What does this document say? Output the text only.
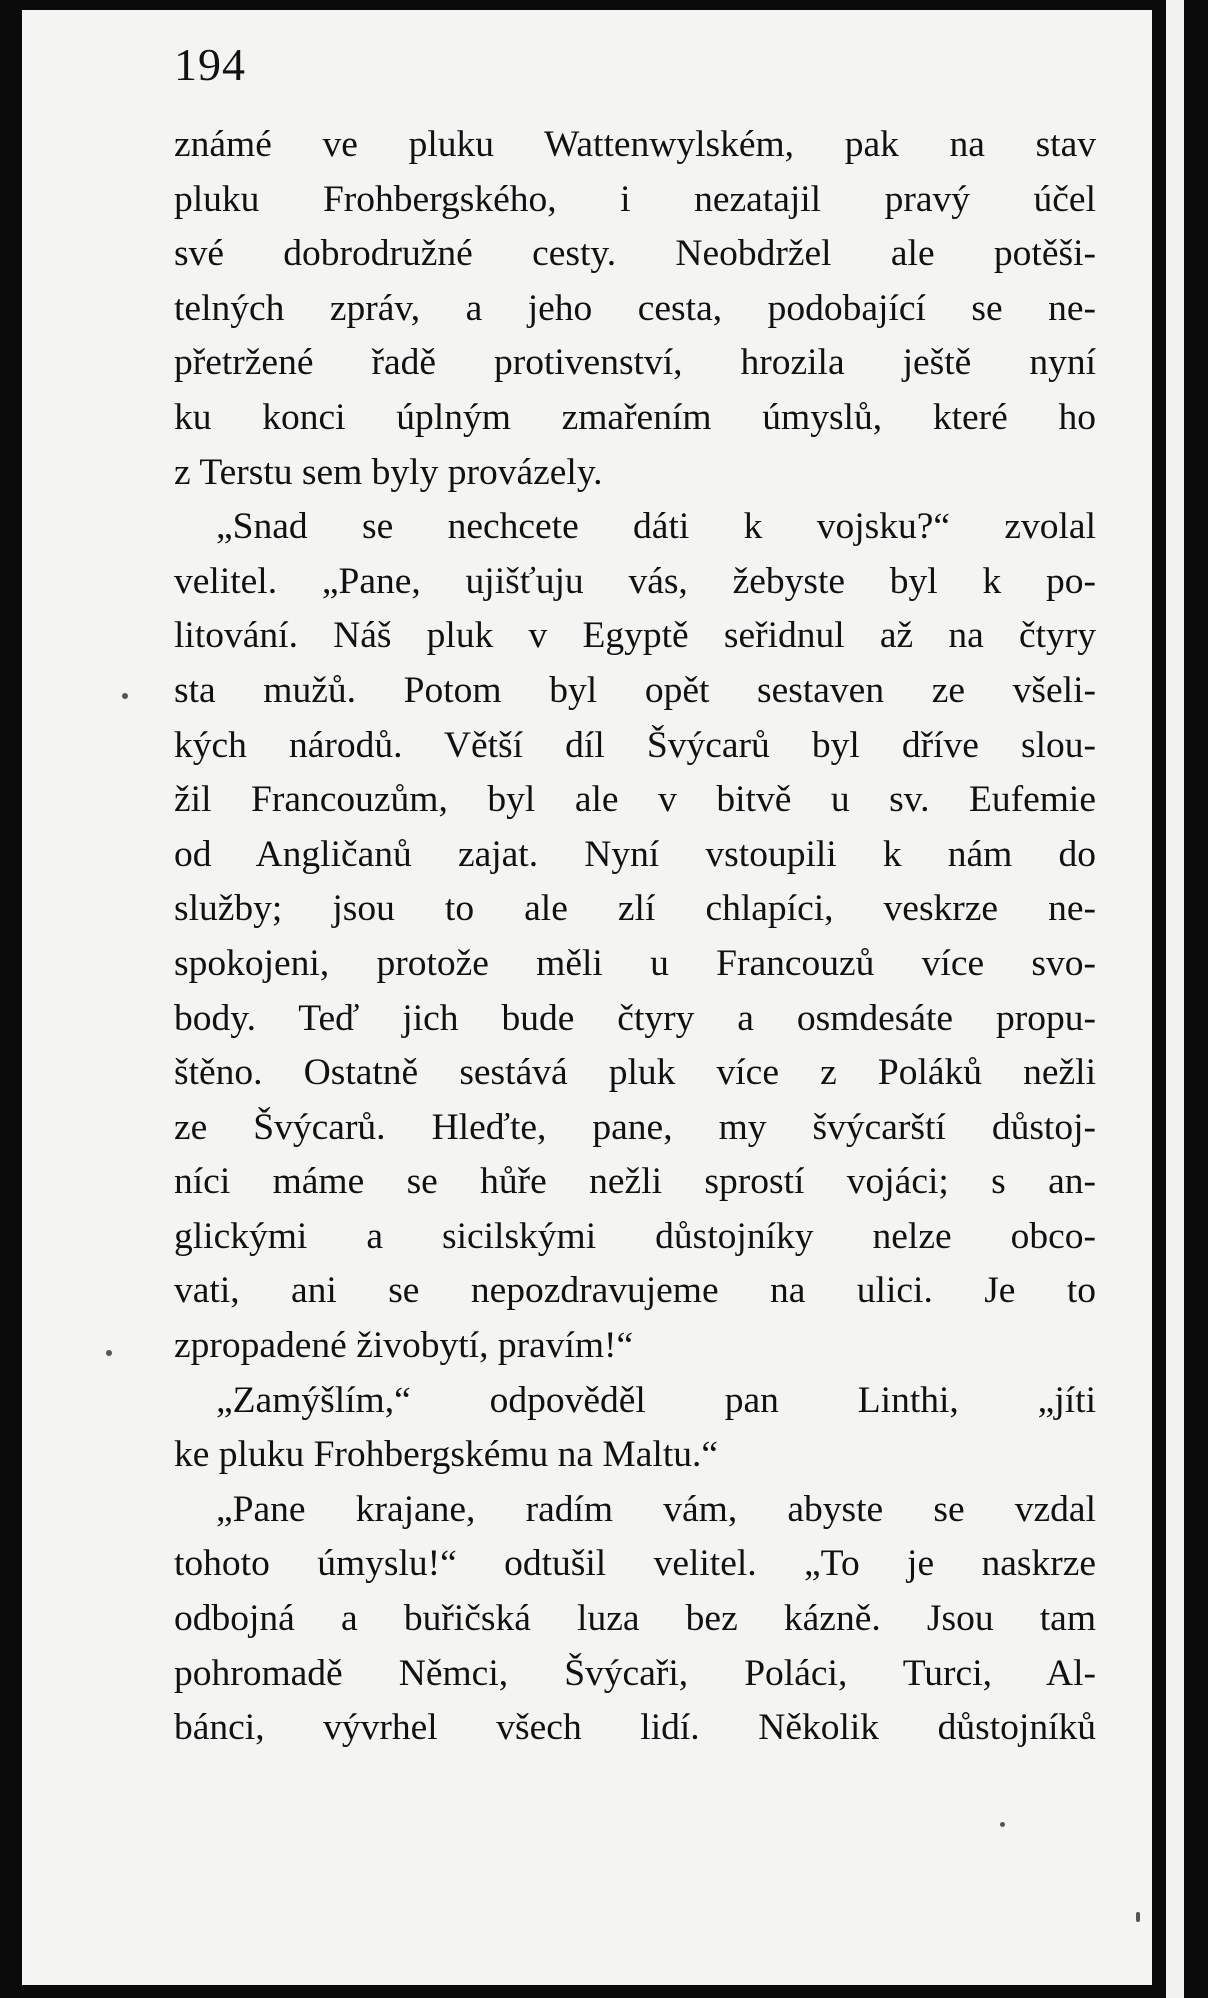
194
známé ve pluku Wattenwylském, pak na stav
pluku Frohbergského, i nezatajil pravý účel
své dobrodružné cesty. Neobdržel ale potěši-
telných zpráv, a jeho cesta, podobající se ne-
přetržené řadě protivenství, hrozila ještě nyní
ku konci úplným zmařením úmyslů, které ho
z Terstu sem byly provázely.
„Snad se nechcete dáti k vojsku?“ zvolal
velitel. „Pane, ujišťuju vás, žebyste byl k po-
litování. Náš pluk v Egyptě seřidnul až na čtyry
sta mužů. Potom byl opět sestaven ze všeli-
kých národů. Větší díl Švýcarů byl dříve slou-
žil Francouzům, byl ale v bitvě u sv. Eufemie
od Angličanů zajat. Nyní vstoupili k nám do
služby; jsou to ale zlí chlapíci, veskrze ne-
spokojeni, protože měli u Francouzů více svo-
body. Teď jich bude čtyry a osmdesáte propu-
štěno. Ostatně sestává pluk více z Poláků nežli
ze Švýcarů. Hleďte, pane, my švýcarští důstoj-
níci máme se hůře nežli sprostí vojáci; s an-
glickými a sicilskými důstojníky nelze obco-
vati, ani se nepozdravujeme na ulici. Je to
zpropadené živobytí, pravím!“
„Zamýšlím,“ odpověděl pan Linthi, „jíti
ke pluku Frohbergskému na Maltu.“
„Pane krajane, radím vám, abyste se vzdal
tohoto úmyslu!“ odtušil velitel. „To je naskrze
odbojná a buřičská luza bez kázně. Jsou tam
pohromadě Němci, Švýcaři, Poláci, Turci, Al-
bánci, vývrhel všech lidí. Několik důstojníků
